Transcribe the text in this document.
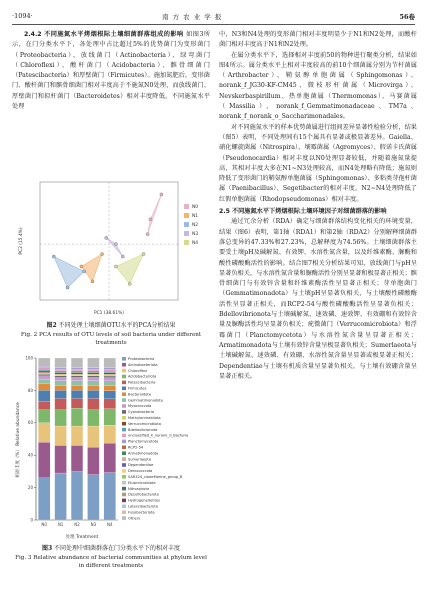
·1094·	南 方 农 业 学 报	56卷

2.4.2 不同施氮水平烤烟根际土壤细菌群落组成的影响 如图3所示，在门分类水平下，各处理中占比超过5%的优势菌门为变形菌门（Proteobacteria）、放线菌门（Actinobacteria）、绿弯菌门（Chloroflexi）、酸杆菌门（Acidobacteria）、髌骨细菌门（Patescibacteria）和厚壁菌门（Firmicutes）。施加氮肥后，变形菌门、酸杆菌门和髌骨细菌门相对丰度高于不施氮N0处理，而放线菌门、厚壁菌门和拟杆菌门（Bacteroidetes）相对丰度降低。不同施氮水平处理

N0
N1
N2
N3
N4
PC1 (38.61%)
PC2 (15.4%)
图2 不同处理土壤细菌OTU水平的PCA分析结果
Fig. 2 PCA results of OTU levels of soil bacteria under different treatments
0
20
40
60
80
100
N0	N1	N2	N3	N4
Proteobacteria
Actinobacteriota
Chloroflexi
Acidobacteriota
Patescibacteria
Firmicutes
Bacteroidota
Gemmatimonadota
Myxococcota
Cyanobacteria
Methylomirabilota
Verrucomicrobiota
Bdellovibrionota
unclassified_k_norank_d_Bacteria
Planctomycetota
RCP2-54
Armatimonadota
Sumerlaeota
Dependentiae
Deinococcota
SAR324_cladeMarine_group_B
Elusimicrobiota
Nitrospirota
Desulfobacterota
Hydrogenedentes
Latescibacterota
Fusobacteriota
Others
处理 Treatment
相对丰度（%） Relative abundance
图3 不同处理中细菌群落在门分类水平下的相对丰度
Fig. 3 Relative abundance of bacterial communities at phylum level in different treatments

中，N3和N4处理的变形菌门相对丰度明显少于N1和N2处理，而酸杆菌门相对丰度高于N1和N2处理。

在属分类水平下，选择相对丰度前50的物种进行聚类分析，结果如图4所示。属分类水平上相对丰度较高的前10个细菌属分别为节杆菌属（Arthrobacter）、鞘氨醇单胞菌属（Sphingomonas）、norank_f_JG30-KF-CM45、微枝形杆菌属（Microvirga）、Nevskerbaspirillum、热单胞菌属（Thermomonas）、马赛菌属（Massilia）、norank_f_Gemmatimonadaceae、TM7a、norank_f_norank_o_Saccharimonadales。

对不同施氮水平的样本优势菌属进行组间差异显著性检验分析，结果（图5）表明，不同处理间有15个属具有显著或极显著差异。Gaiella、硝化螺旋菌属（Nitrospira）、壤霉菌属（Agromyces）、假诺卡氏菌属（Pseudonocardia）相对丰度以N0处理显著较低，并随着施氮量提高，其相对丰度大多在N1~N3处理较高，而N4处理略有降低；施氮则降低了变形菌门的鞘氨醇单胞菌属（Sphingomonas）、多粘类芽孢杆菌属（Paenibacillus）、Segetibacter的相对丰度，N2~N4处理降低了红假单胞菌属（Rhodopseudomonas）相对丰度。

2.5 不同施氮水平下烤烟根际土壤环境因子对细菌群落的影响

通过冗余分析（RDA）确定与细菌群落结构变化相关的环境变量，结果（图6）表明，第1轴（RDA1）和第2轴（RDA2）分别解释细菌群落总变异的47.33%和27.23%，总解释度为74.56%。土壤细菌群落主要受土壤pH及碱解氮、有效钾、水溶性氮含量，以及纤维素酶、脲酶和酸性磷酸酶活性的影响。结合图7相关分析结果可知，放线菌门与pH呈显著负相关，与水溶性氮含量和脲酶活性分别呈显著和极显著正相关；髌骨细菌门与有效锌含量和纤维素酶活性呈显著正相关；芽单胞菌门（Gemmatimonadota）与土壤pH呈显著负相关，与土壤酸性磷酸酶活性呈显著正相关，而RCP2-54与酸性磷酸酶活性呈显著负相关；Bdellovibrionota与土壤碱解氮、速效磷、速效钾、有效硼和有效锌含量及脲酶活性均呈显著负相关；疣微菌门（Verrucomicrobiota）和浮霉菌门（Planctomycetota）与水溶性氮含量呈显著正相关；Armatimonadota与土壤有效锌含量呈极显著负相关；Sumerlaeota与土壤碱解氮、速效磷、有效硼、水溶性氮含量呈显著或极显著正相关；Dependentiae与土壤有机质含量呈显著负相关，与土壤有效硼含量呈显著正相关。
